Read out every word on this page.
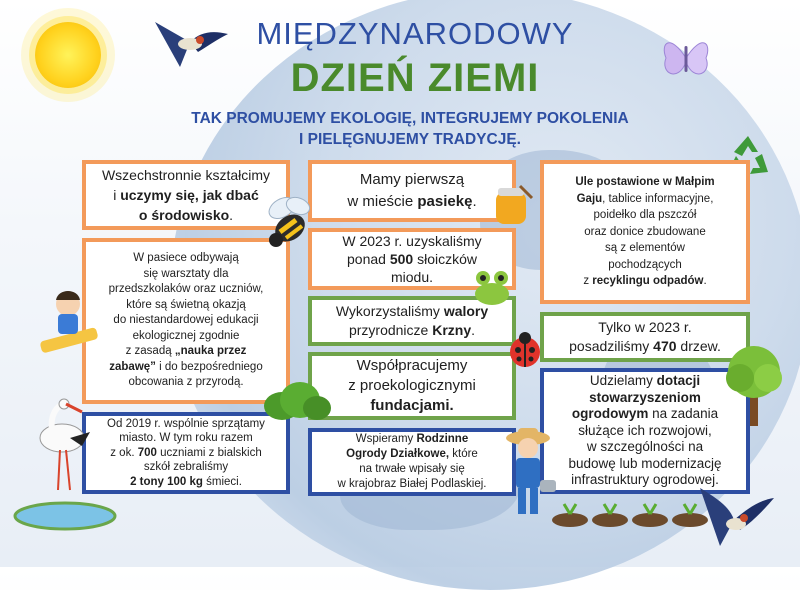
MIĘDZYNARODOWY
DZIEŃ ZIEMI
TAK PROMUJEMY EKOLOGIĘ, INTEGRUJEMY POKOLENIA
I PIELĘGNUJEMY TRADYCJĘ.

Wszechstronnie kształcimy

i uczymy się, jak dbać

o środowisko.

W pasiece odbywają

się warsztaty dla

przedszkolaków oraz uczniów,

które są świetną okazją

do niestandardowej edukacji

ekologicznej zgodnie

z zasadą „nauka przez

zabawę” i do bezpośredniego

obcowania z przyrodą.

Od 2019 r. wspólnie sprzątamy

miasto. W tym roku razem

z ok. 700 uczniami z bialskich

szkół zebraliśmy

2 tony 100 kg śmieci.

Mamy pierwszą

w mieście pasiekę.

W 2023 r. uzyskaliśmy

ponad 500 słoiczków

miodu.

Wykorzystaliśmy walory

przyrodnicze Krzny.

Współpracujemy

z proekologicznymi

fundacjami.

Wspieramy Rodzinne

Ogrody Działkowe, które

na trwałe wpisały się

w krajobraz Białej Podlaskiej.

Ule postawione w Małpim

Gaju, tablice informacyjne,

poidełko dla pszczół

oraz donice zbudowane

są z elementów

pochodzących

z recyklingu odpadów.

Tylko w 2023 r.

posadziliśmy 470 drzew.

Udzielamy dotacji

stowarzyszeniom

ogrodowym na zadania

służące ich rozwojowi,

w szczególności na

budowę lub modernizację

infrastruktury ogrodowej.
